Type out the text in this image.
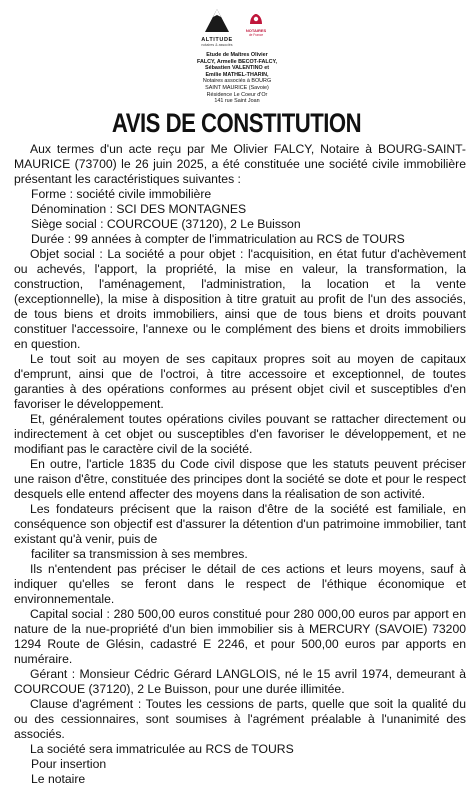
ALTITUDE
notaires & associés
NOTAIRES
de France
Etude de Maîtres Olivier
FALCY, Armelle BECOT-FALCY,
Sébastien VALENTINO et
Emilie MATHEL-THARIN,
Notaires associés à BOURG
SAINT MAURICE (Savoie)
Résidence Le Coeur d'Or
141 rue Saint Joan
AVIS DE CONSTITUTION

Aux termes d'un acte reçu par Me Olivier FALCY, Notaire à BOURG-SAINT-MAURICE (73700) le 26 juin 2025, a été constituée une société civile immobilière présentant les caractéristiques suivantes :

Forme : société civile immobilière

Dénomination : SCI DES MONTAGNES

Siège social : COURCOUE (37120), 2 Le Buisson

Durée : 99 années à compter de l'immatriculation au RCS de TOURS

Objet social : La société a pour objet : l'acquisition, en état futur d'achèvement ou achevés, l'apport, la propriété, la mise en valeur, la transformation, la construction, l'aménagement, l'administration, la location et la vente (exceptionnelle), la mise à disposition à titre gratuit au profit de l'un des associés, de tous biens et droits immobiliers, ainsi que de tous biens et droits pouvant constituer l'accessoire, l'annexe ou le complément des biens et droits immobiliers en question.

Le tout soit au moyen de ses capitaux propres soit au moyen de capitaux d'emprunt, ainsi que de l'octroi, à titre accessoire et exceptionnel, de toutes garanties à des opérations conformes au présent objet civil et susceptibles d'en favoriser le développement.

Et, généralement toutes opérations civiles pouvant se rattacher directement ou indirectement à cet objet ou susceptibles d'en favoriser le développement, et ne modifiant pas le caractère civil de la société.

En outre, l'article 1835 du Code civil dispose que les statuts peuvent préciser une raison d'être, constituée des principes dont la société se dote et pour le respect desquels elle entend affecter des moyens dans la réalisation de son activité.

Les fondateurs précisent que la raison d'être de la société est familiale, en conséquence son objectif est d'assurer la détention d'un patrimoine immobilier, tant existant qu'à venir, puis de

faciliter sa transmission à ses membres.

Ils n'entendent pas préciser le détail de ces actions et leurs moyens, sauf à indiquer qu'elles se feront dans le respect de l'éthique économique et environnementale.

Capital social : 280 500,00 euros constitué pour 280 000,00 euros par apport en nature de la nue-propriété d'un bien immobilier sis à MERCURY (SAVOIE) 73200 1294 Route de Glésin, cadastré E 2246, et pour 500,00 euros par apports en numéraire.

Gérant : Monsieur Cédric Gérard LANGLOIS, né le 15 avril 1974, demeurant à COURCOUE (37120), 2 Le Buisson, pour une durée illimitée.

Clause d'agrément : Toutes les cessions de parts, quelle que soit la qualité du ou des cessionnaires, sont soumises à l'agrément préalable à l'unanimité des associés.

La société sera immatriculée au RCS de TOURS

Pour insertion

Le notaire
